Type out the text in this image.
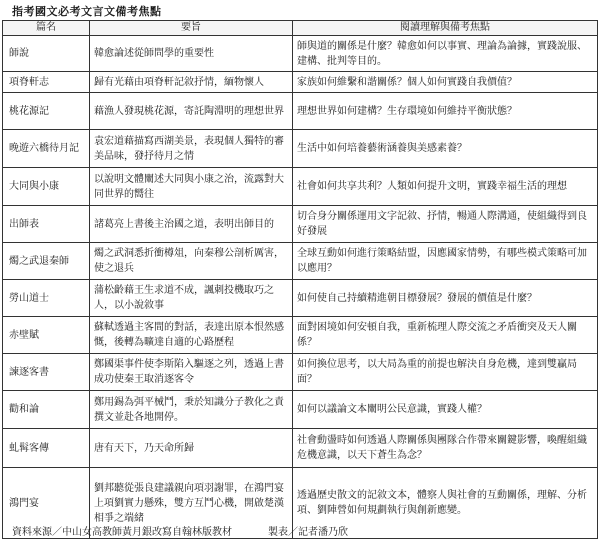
指考國文必考文言文備考焦點
篇名	要旨	閱讀理解與備考焦點
師說	韓愈論述從師問學的重要性	師與道的關係是什麼？韓愈如何以事實、理論為論據，實踐說服、建構、批判等目的。
項脊軒志	歸有光藉由項脊軒記敘抒情，緬物懷人	家族如何維繫和諧關係？個人如何實踐自我價值？
桃花源記	藉漁人發現桃花源，寄託陶淵明的理想世界	理想世界如何建構？生存環境如何維持平衡狀態？
晚遊六橋待月記	袁宏道藉描寫西湖美景，表現個人獨特的審美品味，發抒待月之情	生活中如何培養藝術涵養與美感素養？
大同與小康	以說明文體闡述大同與小康之治，流露對大同世界的嚮往	社會如何共享共利？人類如何提升文明，實踐幸福生活的理想
出師表	諸葛亮上書後主治國之道，表明出師目的	切合身分關係運用文字記敘、抒情，暢通人際溝通，使組織得到良好發展
燭之武退秦師	燭之武洞悉折衝樽俎，向秦穆公剖析厲害，使之退兵	全球互動如何進行策略結盟，因應國家情勢，有哪些模式策略可加以應用？
勞山道士	蒲松齡藉王生求道不成，諷刺投機取巧之人，以小說敘事	如何使自己持續精進朝目標發展？發展的價值是什麼？
赤壁賦	蘇軾透過主客間的對話，表達出原本恨然感慨，後轉為曠達自適的心路歷程	面對困境如何安頓自我，重新梳理人際交流之矛盾衝突及天人關係？
諫逐客書	鄭國渠事件使李斯陷入驅逐之列，透過上書成功使秦王取消逐客令	如何換位思考，以大局為重的前提也解決自身危機，達到雙贏局面？
勸和論	鄭用錫為弭平械鬥，秉於知識分子教化之責撰文並赴各地開停。	如何以議論文本闡明公民意識，實踐人權？
虬髯客傳	唐有天下，乃天命所歸	社會動盪時如何透過人際關係與團隊合作帶來關鍵影響，喚醒組織危機意識，以天下蒼生為念？
鴻門宴	劉邦聽從張良建議親向項羽謝罪，在鴻門宴上項劉實力懸殊，雙方互鬥心機，開啟楚漢相爭之端緒	透過歷史散文的記敘文本，體察人與社會的互動關係，理解、分析項、劉陣營如何規劃執行與創新應變。
資料來源／中山女高教師黃月銀改寫自翰林版教材	製表／記者潘乃欣
